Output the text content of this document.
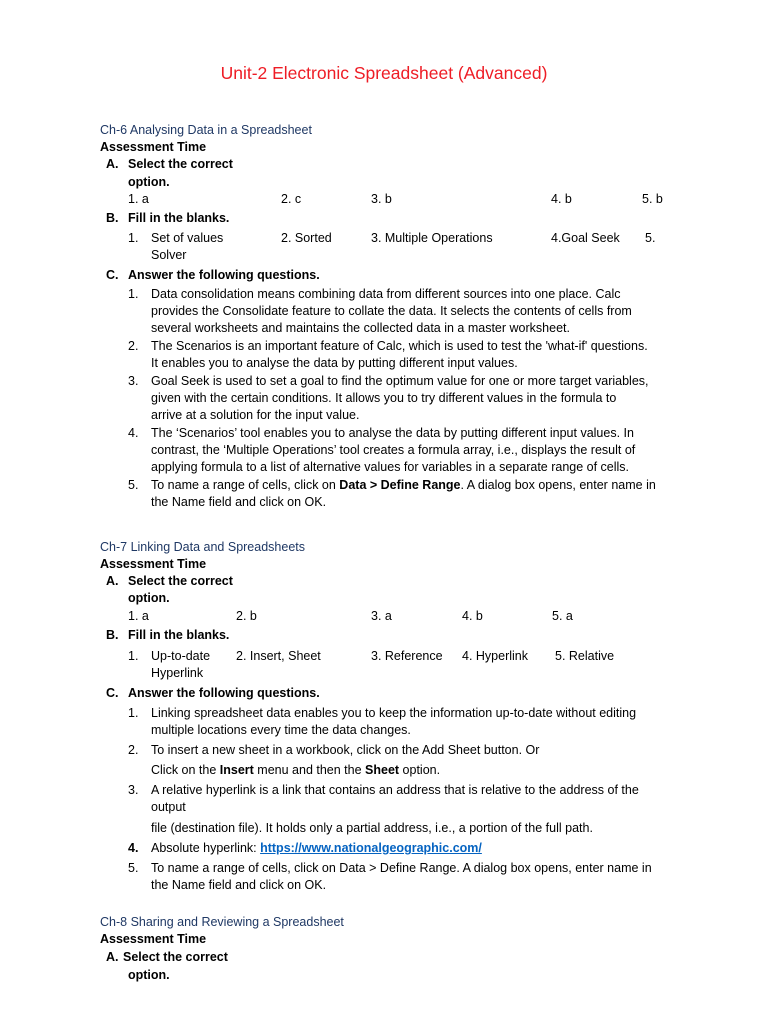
Unit-2 Electronic Spreadsheet (Advanced)
Ch-6 Analysing Data in a Spreadsheet
Assessment Time
A. Select the correct
option.
1. a	2. c	3. b	4. b	5. b
B. Fill in the blanks.
1. Set of values
Solver
2. Sorted	3. Multiple Operations	4.Goal Seek 5.
C. Answer the following questions.
1. Data consolidation means combining data from different sources into one place. Calc
provides the Consolidate feature to collate the data. It selects the contents of cells from
several worksheets and maintains the collected data in a master worksheet.
2. The Scenarios is an important feature of Calc, which is used to test the 'what-if' questions.
It enables you to analyse the data by putting different input values.
3. Goal Seek is used to set a goal to find the optimum value for one or more target variables,
given with the certain conditions. It allows you to try different values in the formula to
arrive at a solution for the input value.
4. The ‘Scenarios’ tool enables you to analyse the data by putting different input values. In
contrast, the ‘Multiple Operations’ tool creates a formula array, i.e., displays the result of
applying formula to a list of alternative values for variables in a separate range of cells.
5. To name a range of cells, click on Data > Define Range. A dialog box opens, enter name in
the Name field and click on OK.
Ch-7 Linking Data and Spreadsheets
Assessment Time
A. Select the correct
option.
1. a	2. b	3. a	4. b	5. a
B. Fill in the blanks.
1. Up-to-date
Hyperlink
2. Insert, Sheet	3. Reference 4. Hyperlink 5. Relative
C. Answer the following questions.
1. Linking spreadsheet data enables you to keep the information up-to-date without editing
multiple locations every time the data changes.
2. To insert a new sheet in a workbook, click on the Add Sheet button. Or
Click on the Insert menu and then the Sheet option.
3. A relative hyperlink is a link that contains an address that is relative to the address of the
output
file (destination file). It holds only a partial address, i.e., a portion of the full path.
4. Absolute hyperlink: https://www.nationalgeographic.com/
5. To name a range of cells, click on Data > Define Range. A dialog box opens, enter name in
the Name field and click on OK.
Ch-8 Sharing and Reviewing a Spreadsheet
Assessment Time
A. Select the correct
option.
